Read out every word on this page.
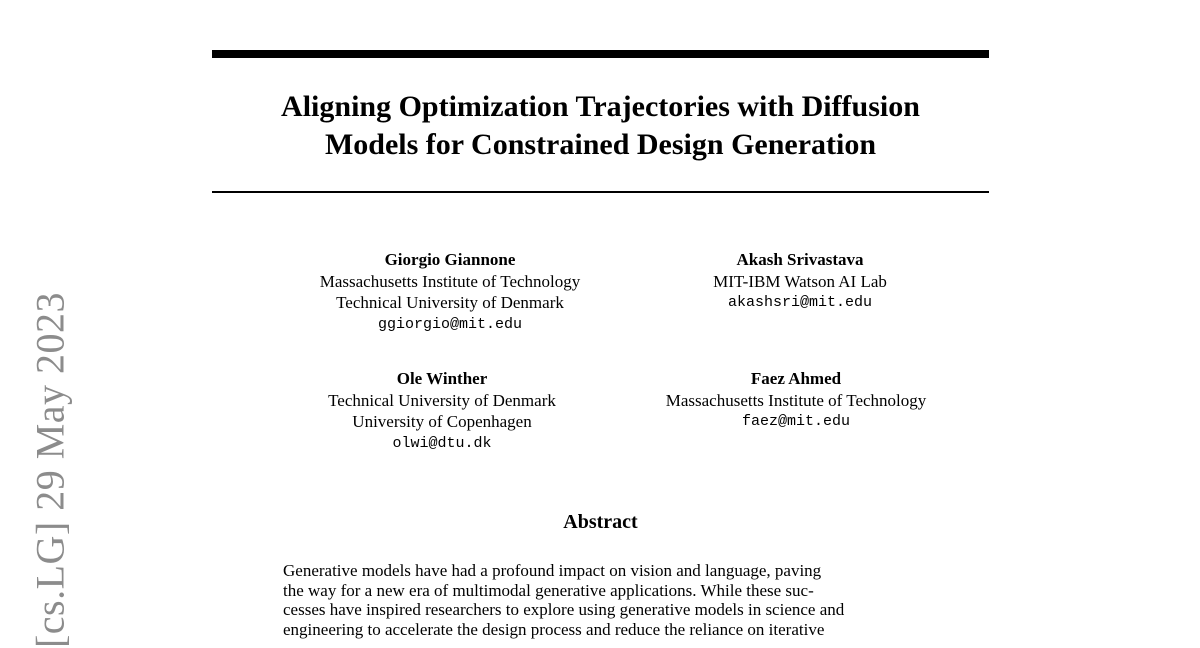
[cs.LG] 29 May 2023
Aligning Optimization Trajectories with Diffusion
Models for Constrained Design Generation
Giorgio Giannone
Massachusetts Institute of Technology
Technical University of Denmark
ggiorgio@mit.edu
Akash Srivastava
MIT-IBM Watson AI Lab
akashsri@mit.edu
Ole Winther
Technical University of Denmark
University of Copenhagen
olwi@dtu.dk
Faez Ahmed
Massachusetts Institute of Technology
faez@mit.edu
Abstract
Generative models have had a profound impact on vision and language, paving
the way for a new era of multimodal generative applications. While these suc-
cesses have inspired researchers to explore using generative models in science and
engineering to accelerate the design process and reduce the reliance on iterative
